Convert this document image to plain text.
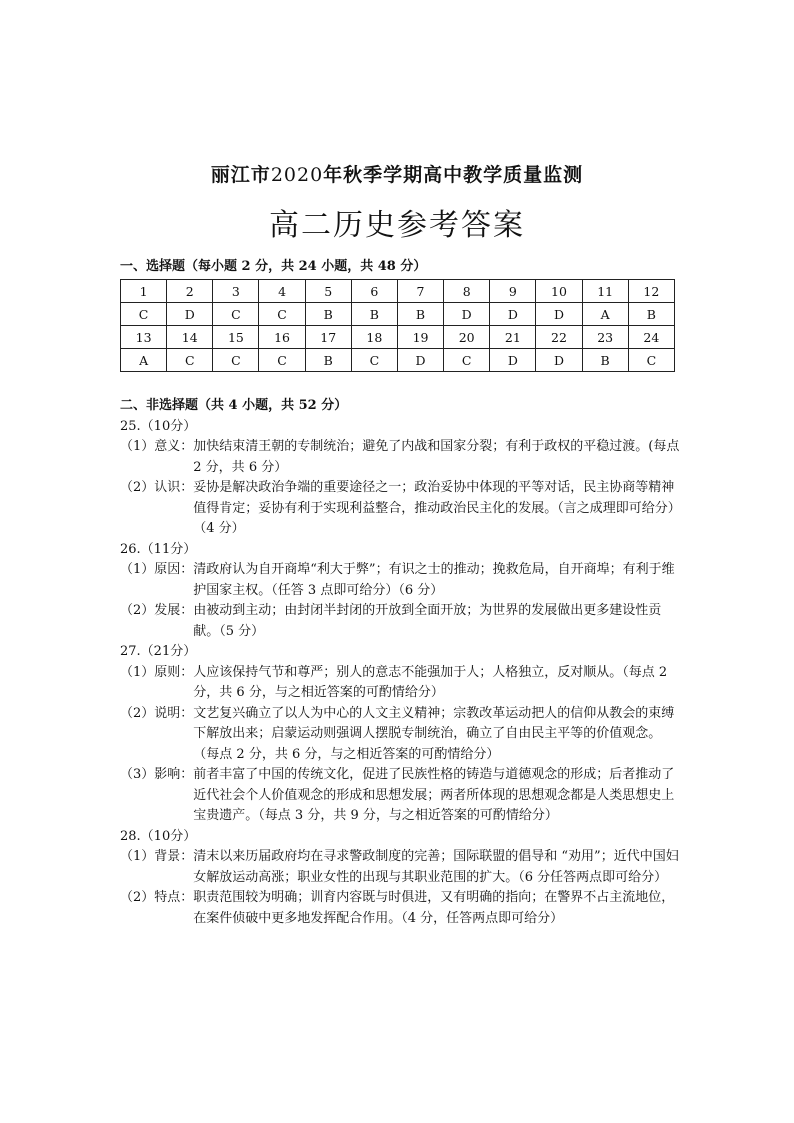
丽江市2020年秋季学期高中教学质量监测
高二历史参考答案
一、选择题（每小题 2 分，共 24 小题，共 48 分）
1	2	3	4	5	6	7	8	9	10	11	12
C	D	C	C	B	B	B	D	D	D	A	B
13	14	15	16	17	18	19	20	21	22	23	24
A	C	C	C	B	C	D	C	D	D	B	C
二、非选择题（共 4 小题，共 52 分）
25.（10分）
（1）意义： 加快结束清王朝的专制统治；避免了内战和国家分裂；有利于政权的平稳过渡。(每点 2 分，共 6 分）
（2）认识： 妥协是解决政治争端的重要途径之一；政治妥协中体现的平等对话，民主协商等精神值得肯定；妥协有利于实现利益整合，推动政治民主化的发展。（言之成理即可给分）（4 分）
26.（11分）
（1）原因： 清政府认为自开商埠“利大于弊”；有识之士的推动；挽救危局，自开商埠；有利于维护国家主权。（任答 3 点即可给分）（6 分）
（2）发展： 由被动到主动；由封闭半封闭的开放到全面开放；为世界的发展做出更多建设性贡献。（5 分）
27.（21分）
（1）原则： 人应该保持气节和尊严；别人的意志不能强加于人；人格独立，反对顺从。（每点 2 分，共 6 分，与之相近答案的可酌情给分）
（2）说明： 文艺复兴确立了以人为中心的人文主义精神；宗教改革运动把人的信仰从教会的束缚下解放出来；启蒙运动则强调人摆脱专制统治，确立了自由民主平等的价值观念。（每点 2 分，共 6 分，与之相近答案的可酌情给分）
（3）影响： 前者丰富了中国的传统文化，促进了民族性格的铸造与道德观念的形成；后者推动了近代社会个人价值观念的形成和思想发展；两者所体现的思想观念都是人类思想史上宝贵遗产。（每点 3 分，共 9 分，与之相近答案的可酌情给分）
28.（10分）
（1）背景： 清末以来历届政府均在寻求警政制度的完善；国际联盟的倡导和 “劝用”；近代中国妇女解放运动高涨；职业女性的出现与其职业范围的扩大。（6 分任答两点即可给分）
（2）特点： 职责范围较为明确；训育内容既与时俱进，又有明确的指向；在警界不占主流地位，在案件侦破中更多地发挥配合作用。（4 分，任答两点即可给分）
